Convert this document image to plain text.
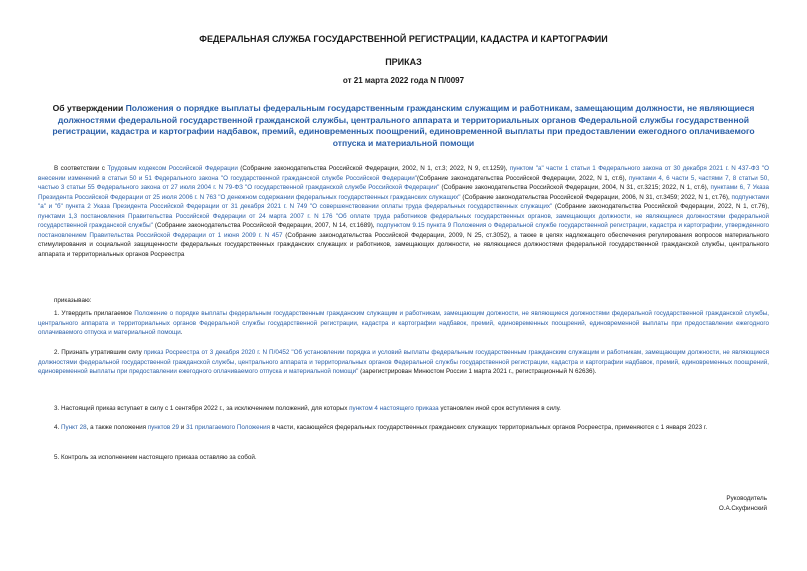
ФЕДЕРАЛЬНАЯ СЛУЖБА ГОСУДАРСТВЕННОЙ РЕГИСТРАЦИИ, КАДАСТРА И КАРТОГРАФИИ

ПРИКАЗ

от 21 марта 2022 года N П/0097

Об утверждении Положения о порядке выплаты федеральным государственным гражданским служащим и работникам, замещающим должности, не являющиеся должностями федеральной государственной гражданской службы, центрального аппарата и территориальных органов Федеральной службы государственной регистрации, кадастра и картографии надбавок, премий, единовременных поощрений, единовременной выплаты при предоставлении ежегодного оплачиваемого отпуска и материальной помощи

В соответствии с Трудовым кодексом Российской Федерации (Собрание законодательства Российской Федерации, 2002, N 1, ст.3; 2022, N 9, ст.1259), пунктом "а" части 1 статьи 1 Федерального закона от 30 декабря 2021 г. N 437-ФЗ "О внесении изменений в статьи 50 и 51 Федерального закона "О государственной гражданской службе Российской Федерации"(Собрание законодательства Российской Федерации, 2022, N 1, ст.6), пунктами 4, 6 части 5, частями 7, 8 статьи 50, частью 3 статьи 55 Федерального закона от 27 июля 2004 г. N 79-ФЗ "О государственной гражданской службе Российской Федерации" (Собрание законодательства Российской Федерации, 2004, N 31, ст.3215; 2022, N 1, ст.6), пунктами 6, 7 Указа Президента Российской Федерации от 25 июля 2006 г. N 763 "О денежном содержании федеральных государственных гражданских служащих" (Собрание законодательства Российской Федерации, 2006, N 31, ст.3459; 2022, N 1, ст.76), подпунктами "а" и "б" пункта 2 Указа Президента Российской Федерации от 31 декабря 2021 г. N 749 "О совершенствовании оплаты труда федеральных государственных служащих" (Собрание законодательства Российской Федерации, 2022, N 1, ст.76), пунктами 1,3 постановления Правительства Российской Федерации от 24 марта 2007 г. N 176 "Об оплате труда работников федеральных государственных органов, замещающих должности, не являющиеся должностями федеральной государственной гражданской службы" (Собрание законодательства Российской Федерации, 2007, N 14, ст.1689), подпунктом 9.15 пункта 9 Положения о Федеральной службе государственной регистрации, кадастра и картографии, утвержденного постановлением Правительства Российской Федерации от 1 июня 2009 г. N 457 (Собрание законодательства Российской Федерации, 2009, N 25, ст.3052), а также в целях надлежащего обеспечения регулирования вопросов материального стимулирования и социальной защищенности федеральных государственных гражданских служащих и работников, замещающих должности, не являющиеся должностями федеральной государственной гражданской службы, центрального аппарата и территориальных органов Росреестра

приказываю:

1. Утвердить прилагаемое Положение о порядке выплаты федеральным государственным гражданским служащим и работникам, замещающим должности, не являющиеся должностями федеральной государственной гражданской службы, центрального аппарата и территориальных органов Федеральной службы государственной регистрации, кадастра и картографии надбавок, премий, единовременных поощрений, единовременной выплаты при предоставлении ежегодного оплачиваемого отпуска и материальной помощи.

2. Признать утратившим силу приказ Росреестра от 3 декабря 2020 г. N П/0452 "Об установлении порядка и условий выплаты федеральным государственным гражданским служащим и работникам, замещающим должности, не являющиеся должностями федеральной государственной гражданской службы, центрального аппарата и территориальных органов Федеральной службы государственной регистрации, кадастра и картографии надбавок, премий, единовременных поощрений, единовременной выплаты при предоставлении ежегодного оплачиваемого отпуска и материальной помощи" (зарегистрирован Минюстом России 1 марта 2021 г., регистрационный N 62636).

3. Настоящий приказ вступает в силу с 1 сентября 2022 г., за исключением положений, для которых пунктом 4 настоящего приказа установлен иной срок вступления в силу.

4. Пункт 28, а также положения пунктов 29 и 31 прилагаемого Положения в части, касающейся федеральных государственных гражданских служащих территориальных органов Росреестра, применяются с 1 января 2023 г.

5. Контроль за исполнением настоящего приказа оставляю за собой.

Руководитель

О.А.Скуфинский
